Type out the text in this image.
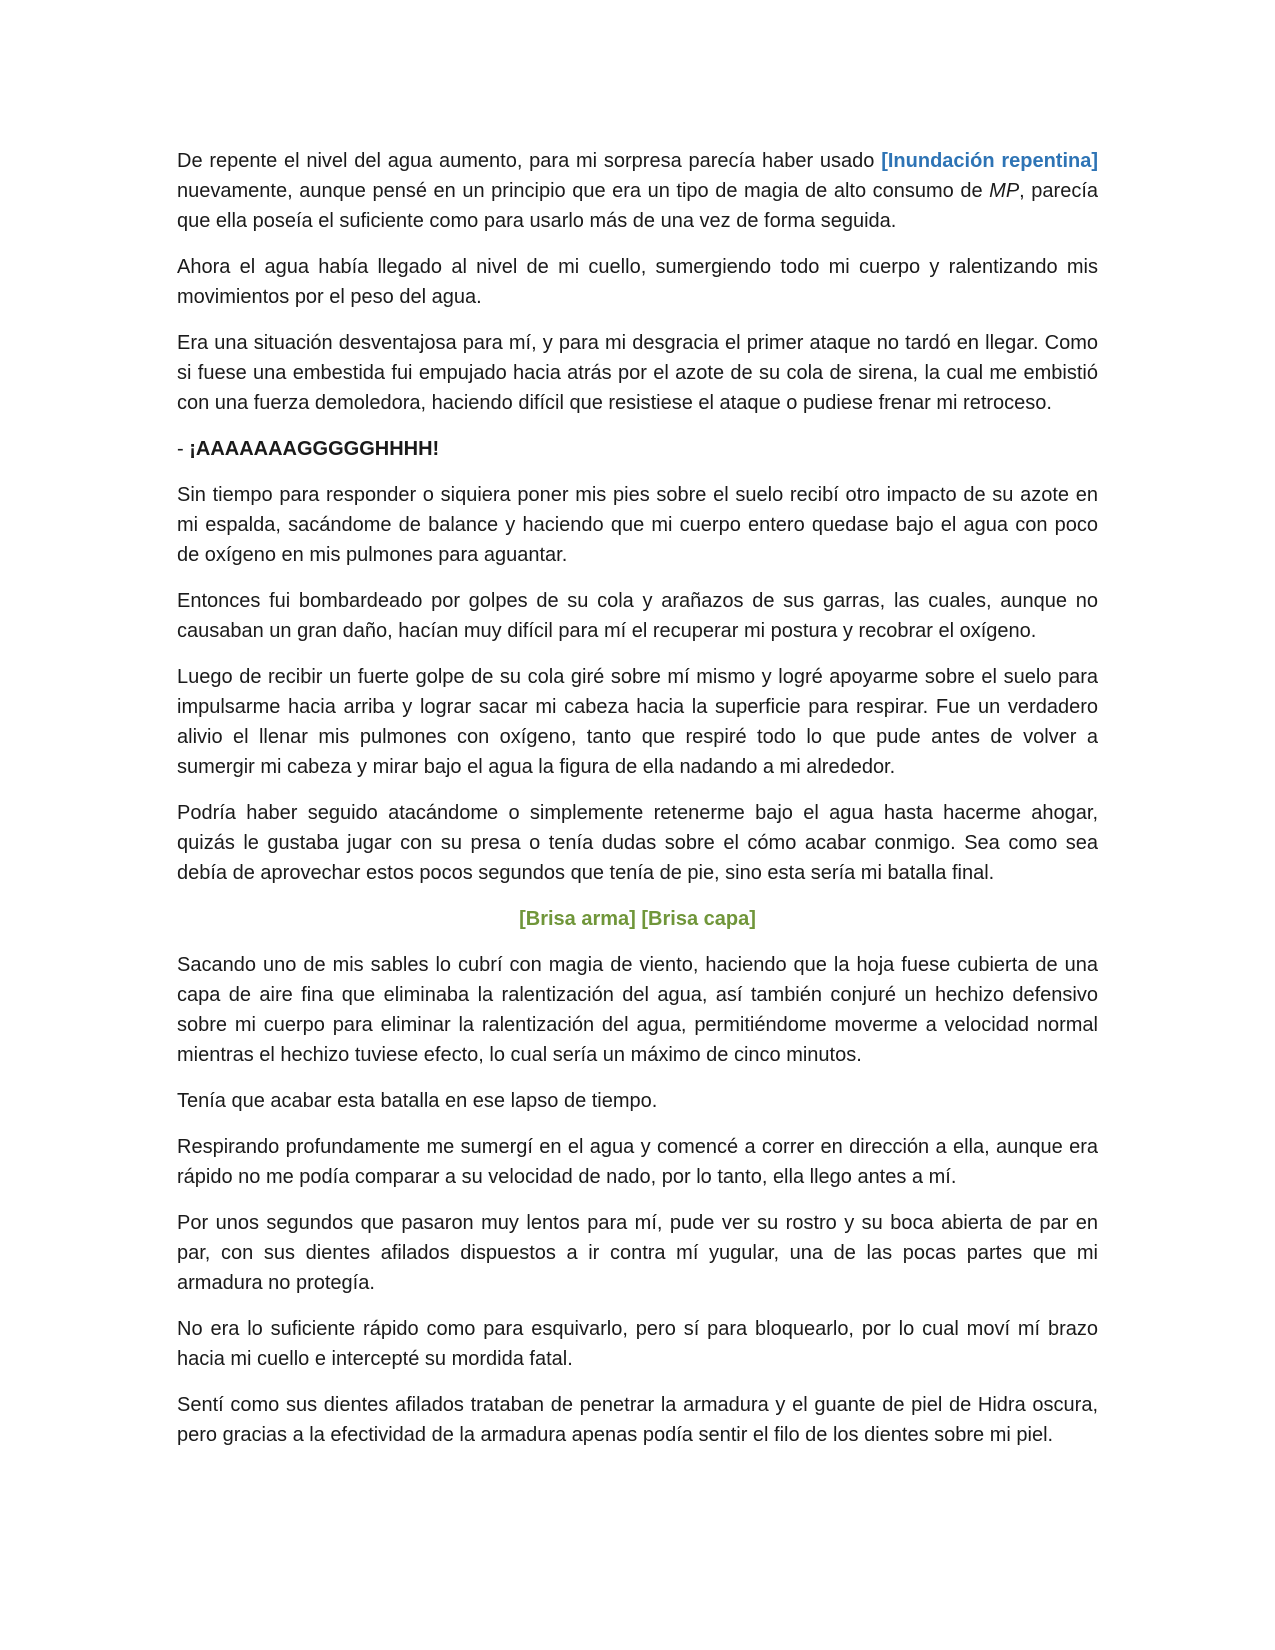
De repente el nivel del agua aumento, para mi sorpresa parecía haber usado [Inundación repentina] nuevamente, aunque pensé en un principio que era un tipo de magia de alto consumo de MP, parecía que ella poseía el suficiente como para usarlo más de una vez de forma seguida.

Ahora el agua había llegado al nivel de mi cuello, sumergiendo todo mi cuerpo y ralentizando mis movimientos por el peso del agua.

Era una situación desventajosa para mí, y para mi desgracia el primer ataque no tardó en llegar. Como si fuese una embestida fui empujado hacia atrás por el azote de su cola de sirena, la cual me embistió con una fuerza demoledora, haciendo difícil que resistiese el ataque o pudiese frenar mi retroceso.

- ¡AAAAAAAGGGGGHHHH!

Sin tiempo para responder o siquiera poner mis pies sobre el suelo recibí otro impacto de su azote en mi espalda, sacándome de balance y haciendo que mi cuerpo entero quedase bajo el agua con poco de oxígeno en mis pulmones para aguantar.

Entonces fui bombardeado por golpes de su cola y arañazos de sus garras, las cuales, aunque no causaban un gran daño, hacían muy difícil para mí el recuperar mi postura y recobrar el oxígeno.

Luego de recibir un fuerte golpe de su cola giré sobre mí mismo y logré apoyarme sobre el suelo para impulsarme hacia arriba y lograr sacar mi cabeza hacia la superficie para respirar. Fue un verdadero alivio el llenar mis pulmones con oxígeno, tanto que respiré todo lo que pude antes de volver a sumergir mi cabeza y mirar bajo el agua la figura de ella nadando a mi alrededor.

Podría haber seguido atacándome o simplemente retenerme bajo el agua hasta hacerme ahogar, quizás le gustaba jugar con su presa o tenía dudas sobre el cómo acabar conmigo. Sea como sea debía de aprovechar estos pocos segundos que tenía de pie, sino esta sería mi batalla final.

[Brisa arma] [Brisa capa]

Sacando uno de mis sables lo cubrí con magia de viento, haciendo que la hoja fuese cubierta de una capa de aire fina que eliminaba la ralentización del agua, así también conjuré un hechizo defensivo sobre mi cuerpo para eliminar la ralentización del agua, permitiéndome moverme a velocidad normal mientras el hechizo tuviese efecto, lo cual sería un máximo de cinco minutos.

Tenía que acabar esta batalla en ese lapso de tiempo.

Respirando profundamente me sumergí en el agua y comencé a correr en dirección a ella, aunque era rápido no me podía comparar a su velocidad de nado, por lo tanto, ella llego antes a mí.

Por unos segundos que pasaron muy lentos para mí, pude ver su rostro y su boca abierta de par en par, con sus dientes afilados dispuestos a ir contra mí yugular, una de las pocas partes que mi armadura no protegía.

No era lo suficiente rápido como para esquivarlo, pero sí para bloquearlo, por lo cual moví mí brazo hacia mi cuello e intercepté su mordida fatal.

Sentí como sus dientes afilados trataban de penetrar la armadura y el guante de piel de Hidra oscura, pero gracias a la efectividad de la armadura apenas podía sentir el filo de los dientes sobre mi piel.
